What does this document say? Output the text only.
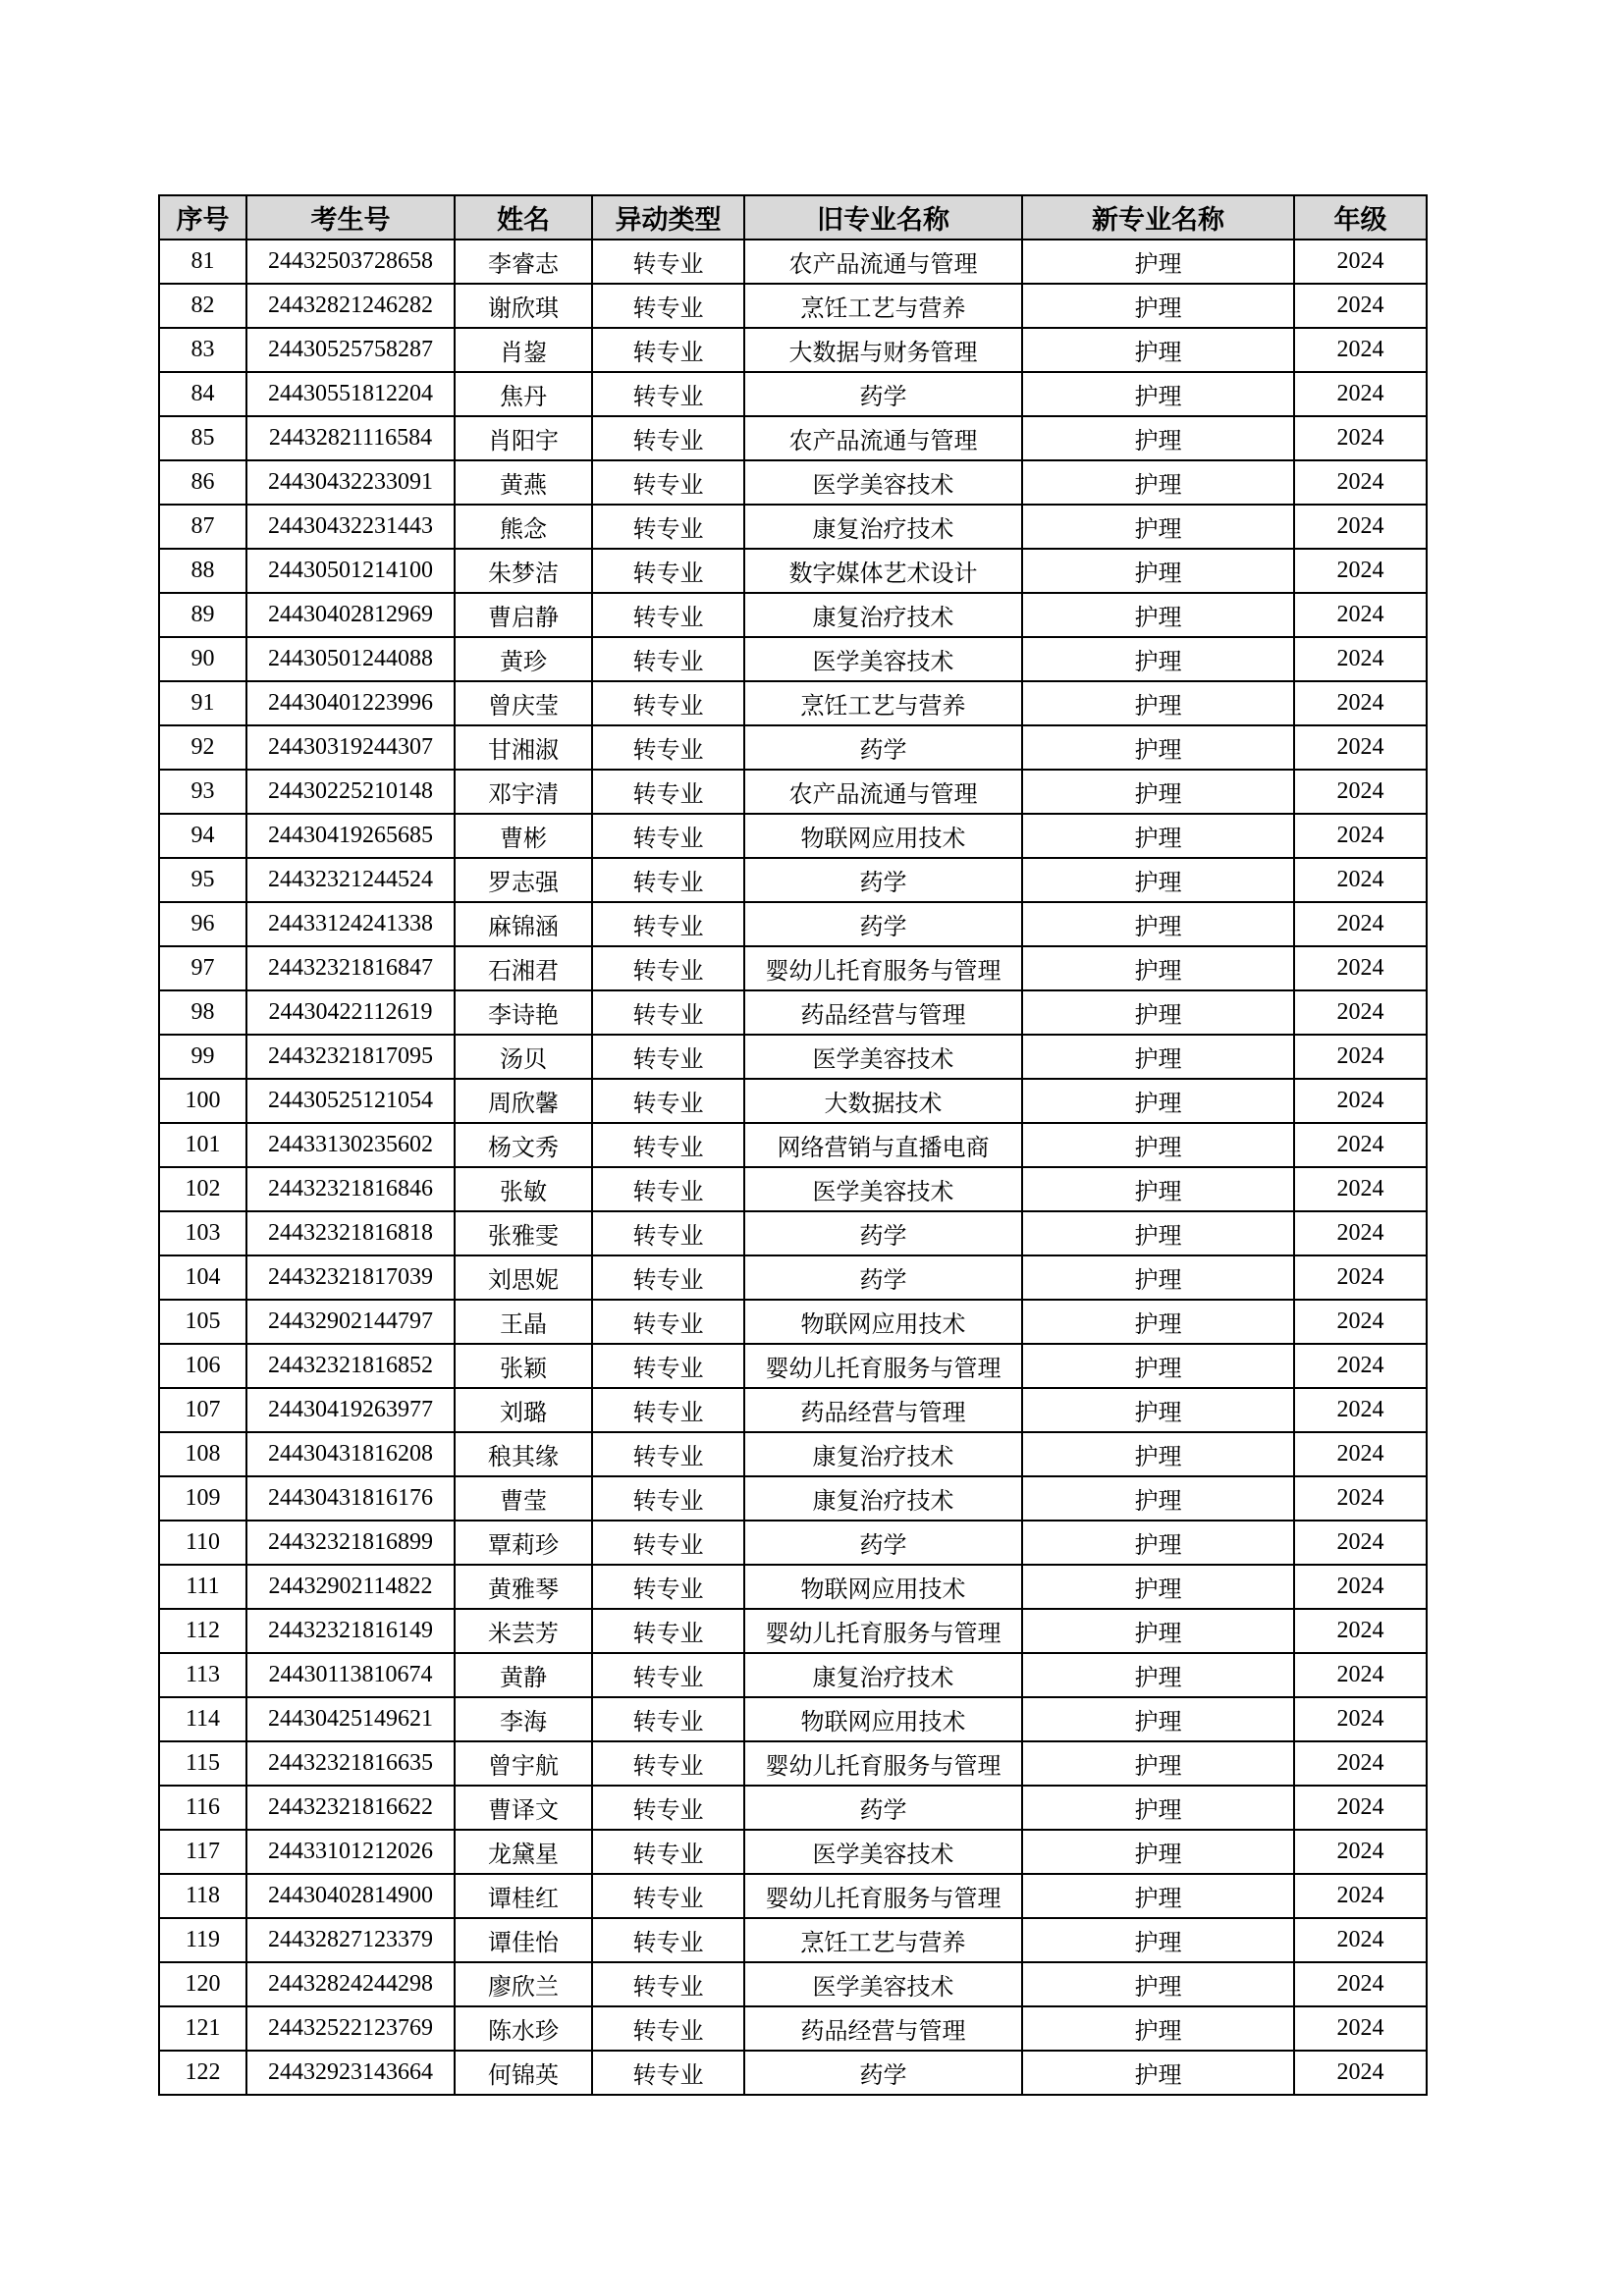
序号	考生号	姓名	异动类型	旧专业名称	新专业名称	年级
81	24432503728658	李睿志	转专业	农产品流通与管理	护理	2024
82	24432821246282	谢欣琪	转专业	烹饪工艺与营养	护理	2024
83	24430525758287	肖鋆	转专业	大数据与财务管理	护理	2024
84	24430551812204	焦丹	转专业	药学	护理	2024
85	24432821116584	肖阳宇	转专业	农产品流通与管理	护理	2024
86	24430432233091	黄燕	转专业	医学美容技术	护理	2024
87	24430432231443	熊念	转专业	康复治疗技术	护理	2024
88	24430501214100	朱梦洁	转专业	数字媒体艺术设计	护理	2024
89	24430402812969	曹启静	转专业	康复治疗技术	护理	2024
90	24430501244088	黄珍	转专业	医学美容技术	护理	2024
91	24430401223996	曾庆莹	转专业	烹饪工艺与营养	护理	2024
92	24430319244307	甘湘淑	转专业	药学	护理	2024
93	24430225210148	邓宇清	转专业	农产品流通与管理	护理	2024
94	24430419265685	曹彬	转专业	物联网应用技术	护理	2024
95	24432321244524	罗志强	转专业	药学	护理	2024
96	24433124241338	麻锦涵	转专业	药学	护理	2024
97	24432321816847	石湘君	转专业	婴幼儿托育服务与管理	护理	2024
98	24430422112619	李诗艳	转专业	药品经营与管理	护理	2024
99	24432321817095	汤贝	转专业	医学美容技术	护理	2024
100	24430525121054	周欣馨	转专业	大数据技术	护理	2024
101	24433130235602	杨文秀	转专业	网络营销与直播电商	护理	2024
102	24432321816846	张敏	转专业	医学美容技术	护理	2024
103	24432321816818	张雅雯	转专业	药学	护理	2024
104	24432321817039	刘思妮	转专业	药学	护理	2024
105	24432902144797	王晶	转专业	物联网应用技术	护理	2024
106	24432321816852	张颖	转专业	婴幼儿托育服务与管理	护理	2024
107	24430419263977	刘璐	转专业	药品经营与管理	护理	2024
108	24430431816208	稂其缘	转专业	康复治疗技术	护理	2024
109	24430431816176	曹莹	转专业	康复治疗技术	护理	2024
110	24432321816899	覃莉珍	转专业	药学	护理	2024
111	24432902114822	黄雅琴	转专业	物联网应用技术	护理	2024
112	24432321816149	米芸芳	转专业	婴幼儿托育服务与管理	护理	2024
113	24430113810674	黄静	转专业	康复治疗技术	护理	2024
114	24430425149621	李海	转专业	物联网应用技术	护理	2024
115	24432321816635	曾宇航	转专业	婴幼儿托育服务与管理	护理	2024
116	24432321816622	曹译文	转专业	药学	护理	2024
117	24433101212026	龙黛星	转专业	医学美容技术	护理	2024
118	24430402814900	谭桂红	转专业	婴幼儿托育服务与管理	护理	2024
119	24432827123379	谭佳怡	转专业	烹饪工艺与营养	护理	2024
120	24432824244298	廖欣兰	转专业	医学美容技术	护理	2024
121	24432522123769	陈水珍	转专业	药品经营与管理	护理	2024
122	24432923143664	何锦英	转专业	药学	护理	2024
